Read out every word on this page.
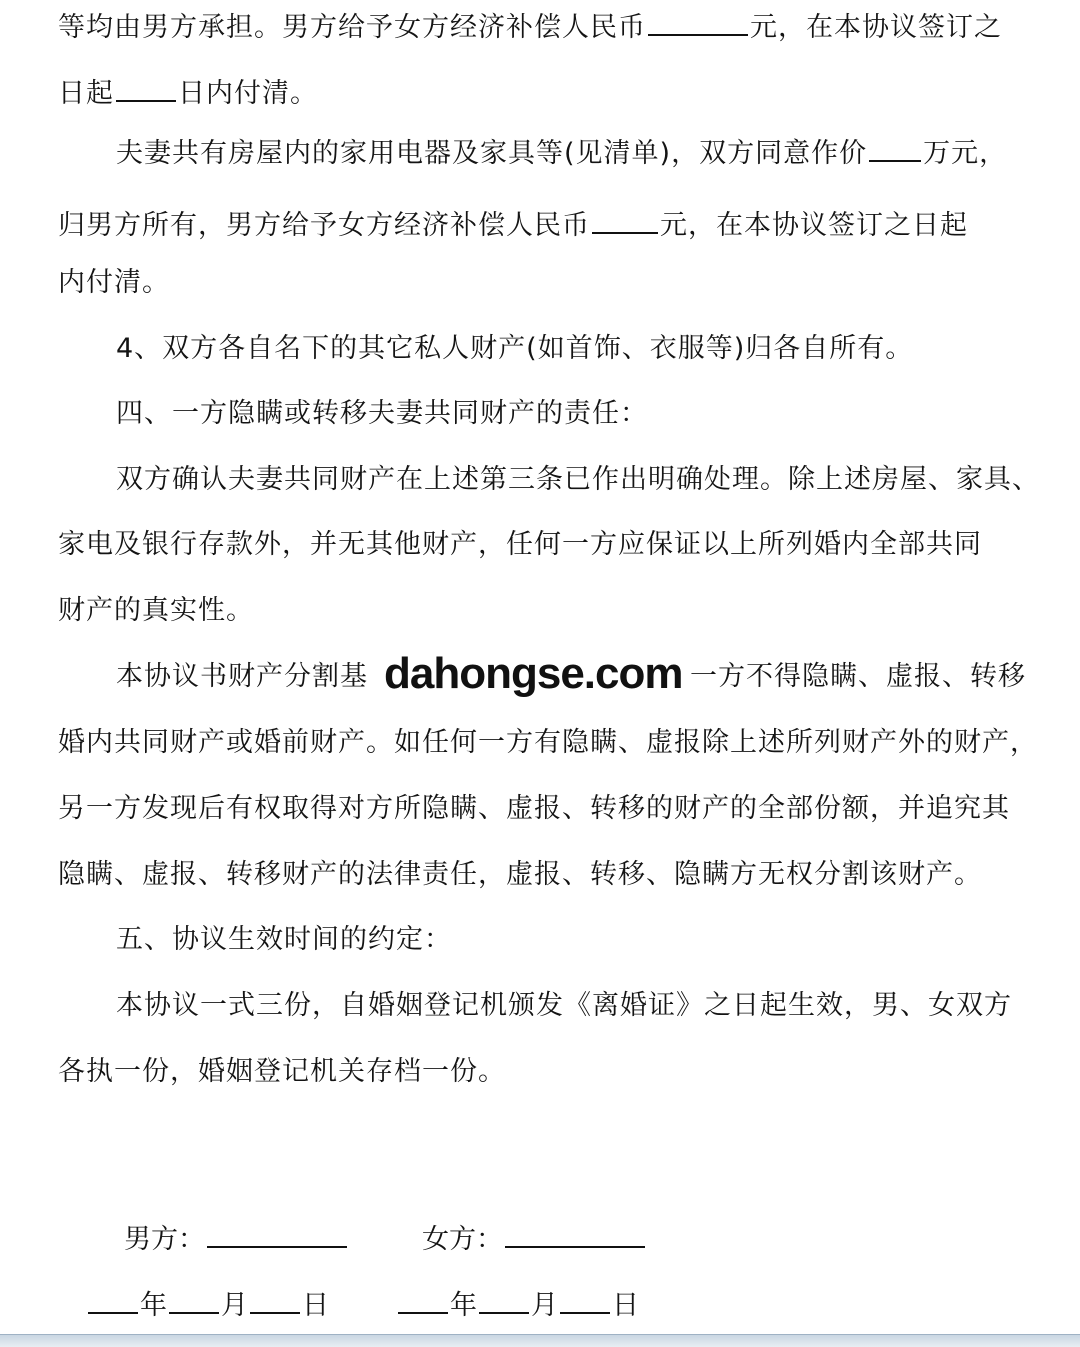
等均由男方承担。男方给予女方经济补偿人民币	元，在本协议签订之
日起 日内付清。
夫妻共有房屋内的家用电器及家具等(见清单)，双方同意作价 万元，
归男方所有，男方给予女方经济补偿人民币	元，在本协议签订之日起
内付清。
4、双方各自名下的其它私人财产(如首饰、衣服等)归各自所有。
四、一方隐瞒或转移夫妻共同财产的责任：
双方确认夫妻共同财产在上述第三条已作出明确处理。除上述房屋、家具、
家电及银行存款外，并无其他财产，任何一方应保证以上所列婚内全部共同
财产的真实性。
本协议书财产分割基	一方不得隐瞒、虚报、转移
婚内共同财产或婚前财产。如任何一方有隐瞒、虚报除上述所列财产外的财产，
另一方发现后有权取得对方所隐瞒、虚报、转移的财产的全部份额，并追究其
隐瞒、虚报、转移财产的法律责任，虚报、转移、隐瞒方无权分割该财产。
五、协议生效时间的约定：
本协议一式三份，自婚姻登记机颁发《离婚证》之日起生效，男、女双方
各执一份，婚姻登记机关存档一份。
男方：	女方：
年 月 日	年 月 日
dahongse.com
